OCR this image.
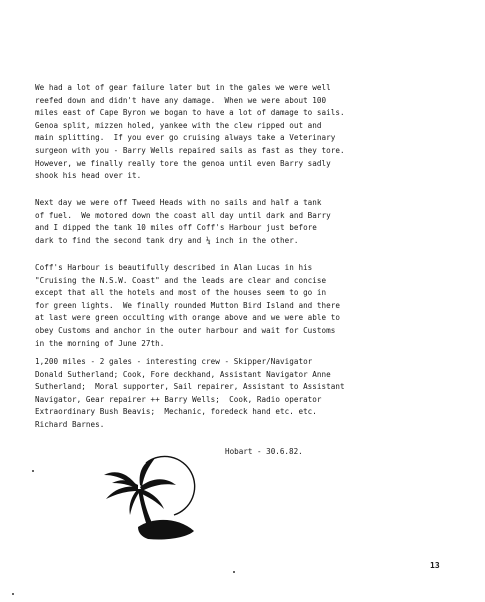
We had a lot of gear failure later but in the gales we were well
reefed down and didn't have any damage.  When we were about 100
miles east of Cape Byron we bogan to have a lot of damage to sails.
Genoa split, mizzen holed, yankee with the clew ripped out and
main splitting.  If you ever go cruising always take a Veterinary
surgeon with you - Barry Wells repaired sails as fast as they tore.
However, we finally really tore the genoa until even Barry sadly
shook his head over it.
Next day we were off Tweed Heads with no sails and half a tank
of fuel.  We motored down the coast all day until dark and Barry
and I dipped the tank 10 miles off Coff's Harbour just before
dark to find the second tank dry and ¼ inch in the other.
Coff's Harbour is beautifully described in Alan Lucas in his
"Cruising the N.S.W. Coast" and the leads are clear and concise
except that all the hotels and most of the houses seem to go in
for green lights.  We finally rounded Mutton Bird Island and there
at last were green occulting with orange above and we were able to
obey Customs and anchor in the outer harbour and wait for Customs
in the morning of June 27th.
1,200 miles - 2 gales - interesting crew - Skipper/Navigator
Donald Sutherland; Cook, Fore deckhand, Assistant Navigator Anne
Sutherland;  Moral supporter, Sail repairer, Assistant to Assistant
Navigator, Gear repairer ++ Barry Wells;  Cook, Radio operator
Extraordinary Bush Beavis;  Mechanic, foredeck hand etc. etc.
Richard Barnes.
Hobart - 30.6.82.
13
